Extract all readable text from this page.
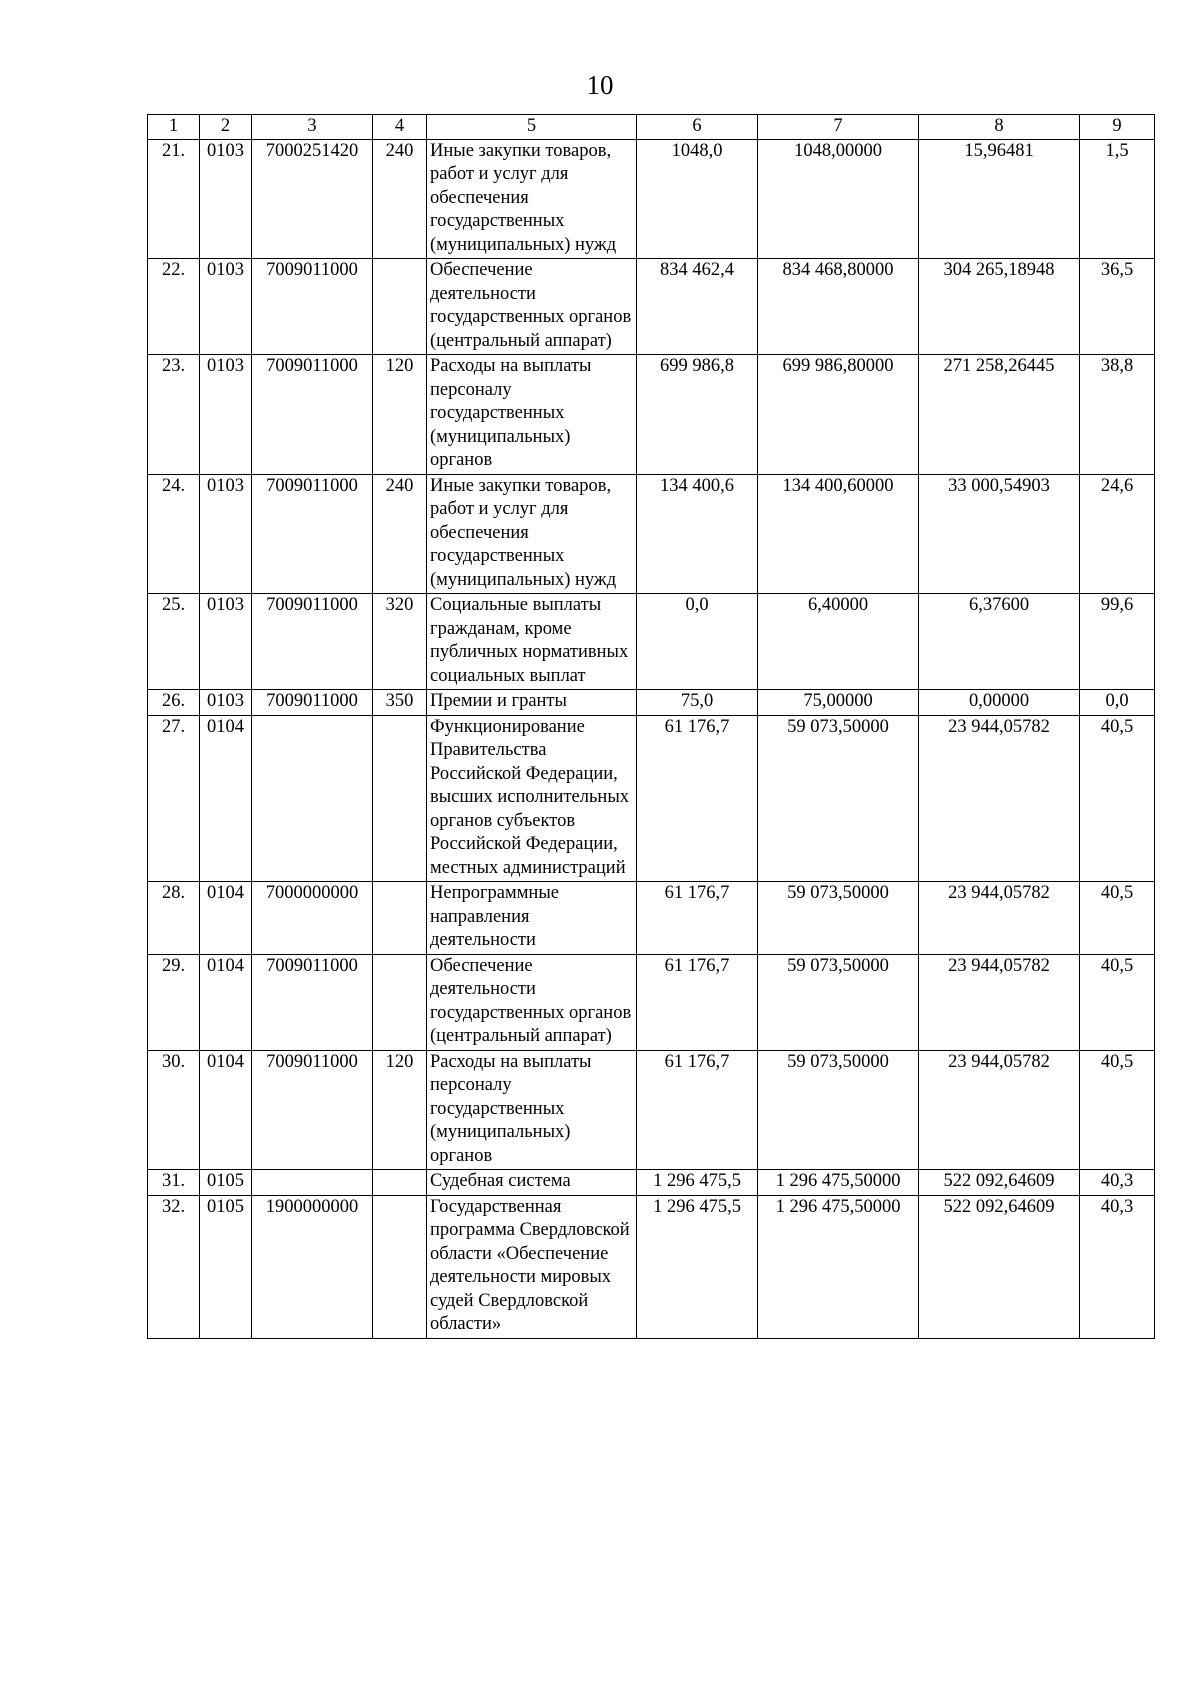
10
1	2	3	4	5	6	7	8	9
21.	0103	7000251420	240	Иные закупки товаров, работ и услуг для обеспечения государственных (муниципальных) нужд	1048,0	1048,00000	15,96481	1,5
22.	0103	7009011000		Обеспечение деятельности государственных органов (центральный аппарат)	834 462,4	834 468,80000	304 265,18948	36,5
23.	0103	7009011000	120	Расходы на выплаты персоналу государственных (муниципальных) органов	699 986,8	699 986,80000	271 258,26445	38,8
24.	0103	7009011000	240	Иные закупки товаров, работ и услуг для обеспечения государственных (муниципальных) нужд	134 400,6	134 400,60000	33 000,54903	24,6
25.	0103	7009011000	320	Социальные выплаты гражданам, кроме публичных нормативных социальных выплат	0,0	6,40000	6,37600	99,6
26.	0103	7009011000	350	Премии и гранты	75,0	75,00000	0,00000	0,0
27.	0104			Функционирование Правительства Российской Федерации, высших исполнительных органов субъектов Российской Федерации, местных администраций	61 176,7	59 073,50000	23 944,05782	40,5
28.	0104	7000000000		Непрограммные направления деятельности	61 176,7	59 073,50000	23 944,05782	40,5
29.	0104	7009011000		Обеспечение деятельности государственных органов (центральный аппарат)	61 176,7	59 073,50000	23 944,05782	40,5
30.	0104	7009011000	120	Расходы на выплаты персоналу государственных (муниципальных) органов	61 176,7	59 073,50000	23 944,05782	40,5
31.	0105			Судебная система	1 296 475,5	1 296 475,50000	522 092,64609	40,3
32.	0105	1900000000		Государственная программа Свердловской области «Обеспечение деятельности мировых судей Свердловской области»	1 296 475,5	1 296 475,50000	522 092,64609	40,3
